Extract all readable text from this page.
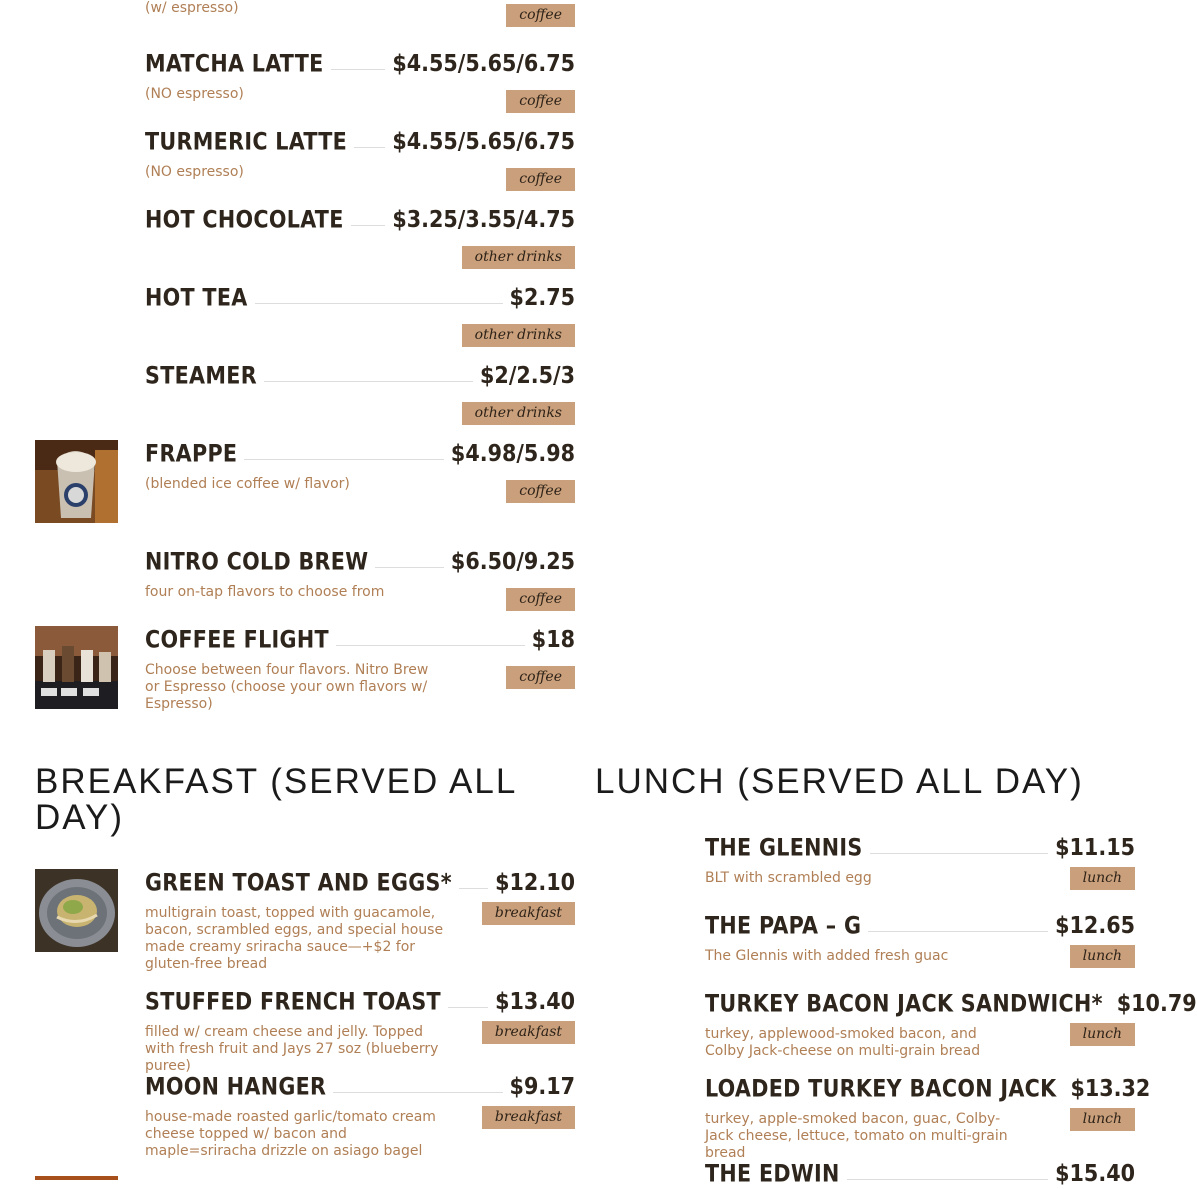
(w/ espresso)	coffee
MATCHA LATTE	$4.55/5.65/6.75
(NO espresso)	coffee
TURMERIC LATTE $4.55/5.65/6.75
(NO espresso)	coffee
HOT CHOCOLATE $3.25/3.55/4.75
other drinks
HOT TEA	$2.75
other drinks
STEAMER	$2/2.5/3
other drinks
FRAPPE	$4.98/5.98
(blended ice coffee w/ flavor)	coffee
NITRO COLD BREW	$6.50/9.25
four on-tap flavors to choose from	coffee
COFFEE FLIGHT	$18
Choose between four flavors. Nitro Brew or Espresso (choose your own flavors w/ Espresso)
coffee
BREAKFAST (SERVED ALL DAY)
GREEN TOAST AND EGGS* $12.10
multigrain toast, topped with guacamole, bacon, scrambled eggs, and special house made creamy sriracha sauce—+$2 for gluten-free bread
breakfast
STUFFED FRENCH TOAST $13.40
filled w/ cream cheese and jelly. Topped with fresh fruit and Jays 27 soz (blueberry puree)
breakfast
MOON HANGER	$9.17
house-made roasted garlic/tomato cream cheese topped w/ bacon and maple=sriracha drizzle on asiago bagel
breakfast
LUNCH (SERVED ALL DAY)
THE GLENNIS	$11.15
BLT with scrambled egg	lunch
THE PAPA – G	$12.65
The Glennis with added fresh guac	lunch
TURKEY BACON JACK SANDWICH* $10.79
turkey, applewood-smoked bacon, and Colby Jack-cheese on multi-grain bread
lunch
LOADED TURKEY BACON JACK $13.32
turkey, apple-smoked bacon, guac, Colby-Jack cheese, lettuce, tomato on multi-grain bread
lunch
THE EDWIN	$15.40
